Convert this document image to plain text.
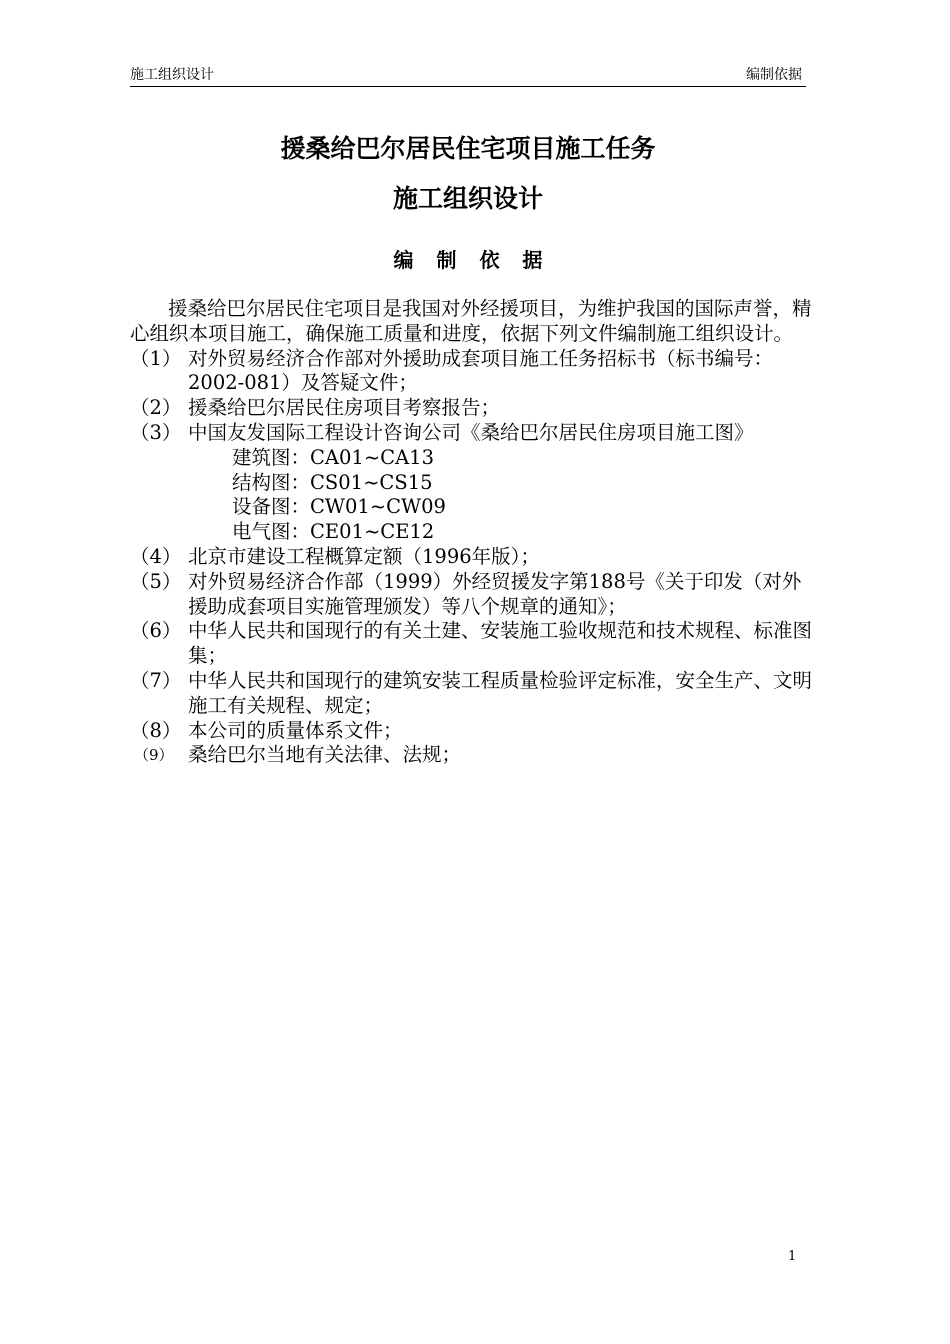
施工组织设计	编制依据
援桑给巴尔居民住宅项目施工任务
施工组织设计
编 制 依 据

援桑给巴尔居民住宅项目是我国对外经援项目，为维护我国的国际声誉，精心组织本项目施工，确保施工质量和进度，依据下列文件编制施工组织设计。

（1） 对外贸易经济合作部对外援助成套项目施工任务招标书（标书编号：2002-081）及答疑文件；
（2） 援桑给巴尔居民住房项目考察报告；
（3） 中国友发国际工程设计咨询公司《桑给巴尔居民住房项目施工图》
建筑图：CA01~CA13
结构图：CS01~CS15
设备图：CW01~CW09
电气图：CE01~CE12
（4） 北京市建设工程概算定额（1996年版）；
（5） 对外贸易经济合作部（1999）外经贸援发字第188号《关于印发（对外援助成套项目实施管理颁发）等八个规章的通知》；
（6） 中华人民共和国现行的有关土建、安装施工验收规范和技术规程、标准图集；
（7） 中华人民共和国现行的建筑安装工程质量检验评定标准，安全生产、文明施工有关规程、规定；
（8） 本公司的质量体系文件；
（9） 桑给巴尔当地有关法律、法规；
1
